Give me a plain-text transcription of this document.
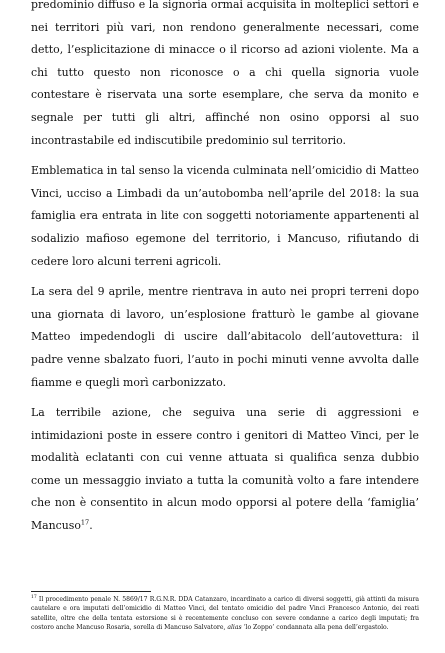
predominio diffuso e la signoria ormai acquisita in molteplici settori e nei territori più vari, non rendono generalmente necessari, come detto, l’esplicitazione di minacce o il ricorso ad azioni violente. Ma a chi tutto questo non riconosce o a chi quella signoria vuole contestare è riservata una sorte esemplare, che serva da monito e segnale per tutti gli altri, affinché non osino opporsi al suo incontrastabile ed indiscutibile predominio sul territorio.

Emblematica in tal senso la vicenda culminata nell’omicidio di Matteo Vinci, ucciso a Limbadi da un’autobomba nell’aprile del 2018: la sua famiglia era entrata in lite con soggetti notoriamente appartenenti al sodalizio mafioso egemone del territorio, i Mancuso, rifiutando di cedere loro alcuni terreni agricoli.

La sera del 9 aprile, mentre rientrava in auto nei propri terreni dopo una giornata di lavoro, un’esplosione fratturò le gambe al giovane Matteo impedendogli di uscire dall’abitacolo dell’autovettura: il padre venne sbalzato fuori, l’auto in pochi minuti venne avvolta dalle fiamme e quegli morì carbonizzato.

La terribile azione, che seguiva una serie di aggressioni e intimidazioni poste in essere contro i genitori di Matteo Vinci, per le modalità eclatanti con cui venne attuata si qualifica senza dubbio come un messaggio inviato a tutta la comunità volto a fare intendere che non è consentito in alcun modo opporsi al potere della ‘famiglia’ Mancuso$^{17}$.

$^{17}$ Il procedimento penale N. 5869/17 R.G.N.R. DDA Catanzaro, incardinato a carico di diversi soggetti, già attinti da misura cautelare e ora imputati dell’omicidio di Matteo Vinci, del tentato omicidio del padre Vinci Francesco Antonio, dei reati satellite, oltre che della tentata estorsione si è recentemente concluso con severe condanne a carico degli imputati; fra costoro anche Mancuso Rosaria, sorella di Mancuso Salvatore, alias ‘lo Zoppo’ condannata alla pena dell’ergastolo.
